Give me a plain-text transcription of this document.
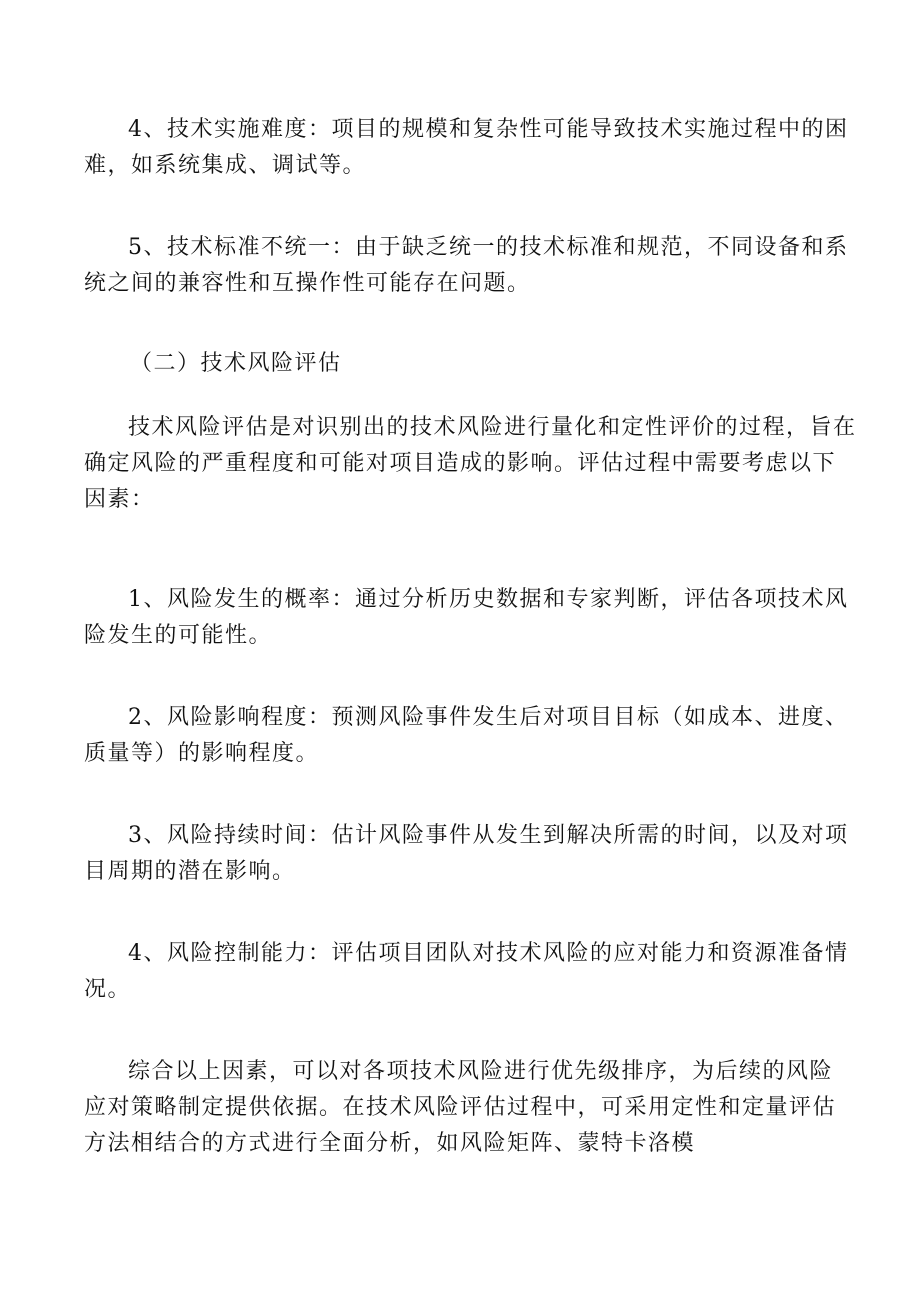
4、技术实施难度：项目的规模和复杂性可能导致技术实施过程中的困
难，如系统集成、调试等。

5、技术标准不统一：由于缺乏统一的技术标准和规范，不同设备和系
统之间的兼容性和互操作性可能存在问题。

（二）技术风险评估

技术风险评估是对识别出的技术风险进行量化和定性评价的过程，旨在
确定风险的严重程度和可能对项目造成的影响。评估过程中需要考虑以下
因素：

1、风险发生的概率：通过分析历史数据和专家判断，评估各项技术风
险发生的可能性。

2、风险影响程度：预测风险事件发生后对项目目标（如成本、进度、
质量等）的影响程度。

3、风险持续时间：估计风险事件从发生到解决所需的时间，以及对项
目周期的潜在影响。

4、风险控制能力：评估项目团队对技术风险的应对能力和资源准备情
况。

综合以上因素，可以对各项技术风险进行优先级排序，为后续的风险
应对策略制定提供依据。在技术风险评估过程中，可采用定性和定量评估
方法相结合的方式进行全面分析，如风险矩阵、蒙特卡洛模
